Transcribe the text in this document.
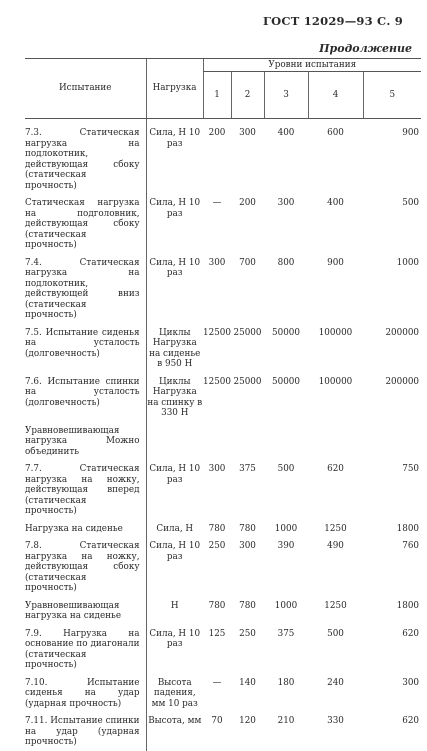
ГОСТ 12029—93 С. 9
Продолжение
Испытание	Нагрузка	Уровни испытания				
		1	2	3	4	5
7.3. Статическая нагрузка на подлокотник, действующая сбоку (статическая прочность)	Сила, Н 10 раз	200	300	400	600	900
Статическая нагрузка на подголовник, действующая сбоку (статическая прочность)	Сила, Н 10 раз	—	200	300	400	500
7.4. Статическая нагрузка на подлокотник, действующей вниз (статическая прочность)	Сила, Н 10 раз	300	700	800	900	1000
7.5. Испытание сиденья на усталость (долговечность)	Циклы Нагрузка на сиденье в 950 Н	12500	25000	50000	100000	200000
7.6. Испытание спинки на усталость (долговечность)	Циклы Нагрузка на спинку в 330 Н	12500	25000	50000	100000	200000
Уравновешивающая нагрузка Можно объединить						
7.7. Статическая нагрузка на ножку, действующая вперед (статическая прочность)	Сила, Н 10 раз	300	375	500	620	750
Нагрузка на сиденье	Сила, Н	780	780	1000	1250	1800
7.8. Статическая нагрузка на ножку, действующая сбоку (статическая прочность)	Сила, Н 10 раз	250	300	390	490	760
Уравновешивающая нагрузка на сиденье	Н	780	780	1000	1250	1800
7.9. Нагрузка на основание по диагонали (статическая прочность)	Сила, Н 10 раз	125	250	375	500	620
7.10. Испытание сиденья на удар (ударная прочность)	Высота падения, мм 10 раз	—	140	180	240	300
7.11. Испытание спинки на удар (ударная прочность)	Высота, мм	70	120	210	330	620
